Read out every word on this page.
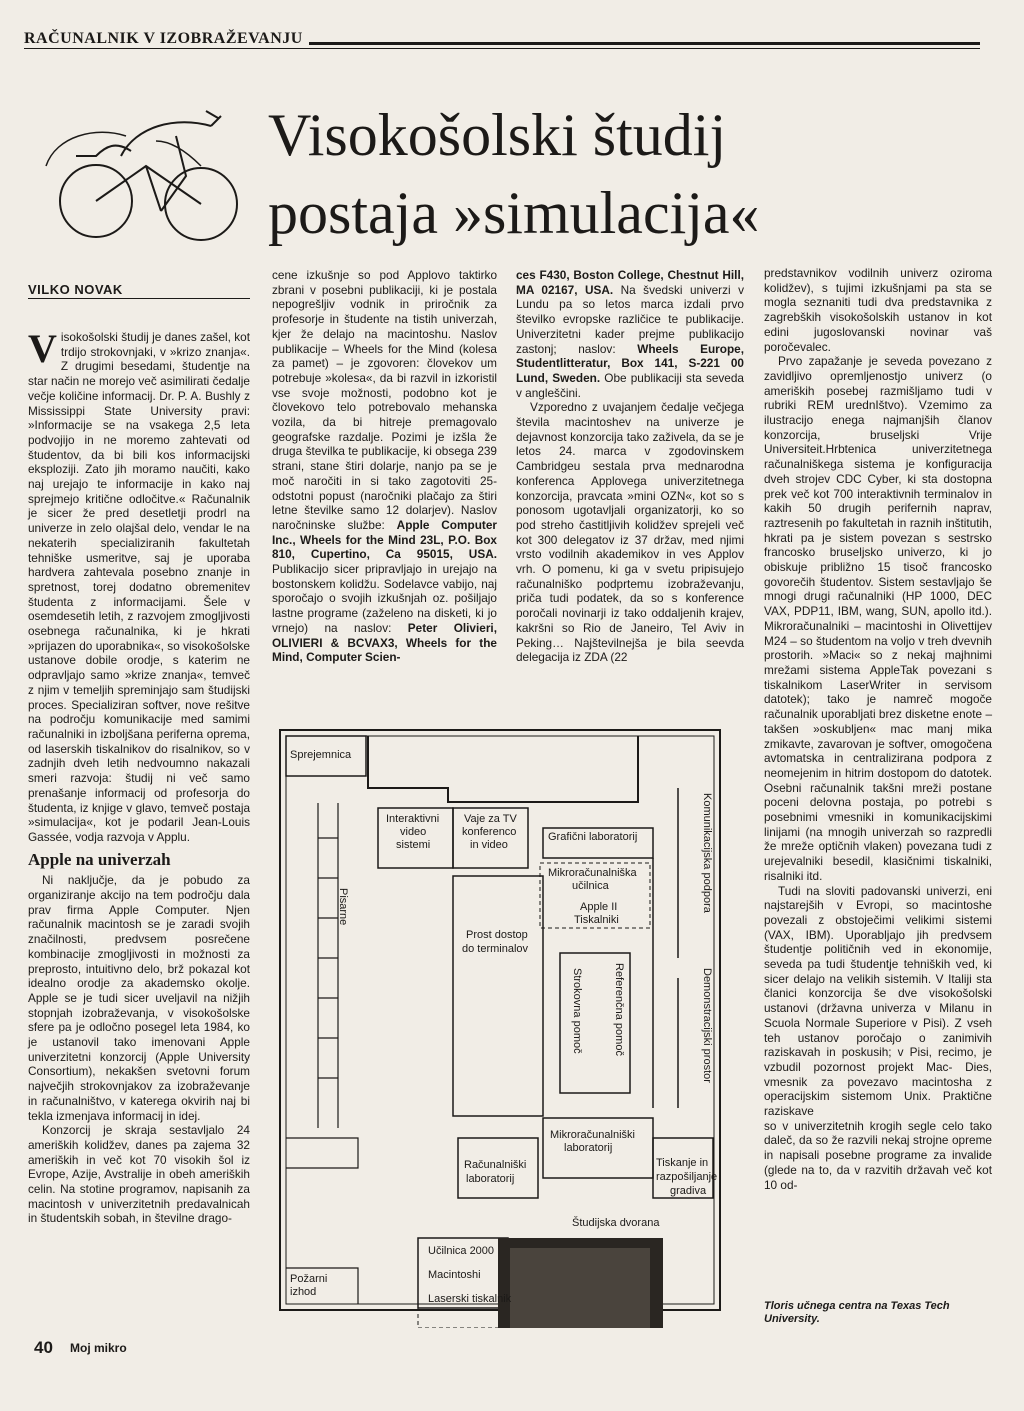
RAČUNALNIK V IZOBRAŽEVANJU
Visokošolski študij
postaja »simulacija«
VILKO NOVAK

Visokošolski študij je danes zašel, kot trdijo strokovnjaki, v »krizo znanja«. Z drugimi besedami, študentje na star način ne morejo več asimilirati čedalje večje količine informacij. Dr. P. A. Bushly z Mississippi State University pravi: »Informacije se na vsakega 2,5 leta podvojijo in ne moremo zahtevati od študentov, da bi bili kos informacijski eksploziji. Zato jih moramo naučiti, kako naj urejajo te informacije in kako naj sprejmejo kritične odločitve.« Računalnik je sicer že pred desetletji prodrl na univerze in zelo olajšal delo, vendar le na nekaterih specializiranih fakultetah tehniške usmeritve, saj je uporaba hardvera zahtevala posebno znanje in spretnost, torej dodatno obremenitev študenta z informacijami. Šele v osemdesetih letih, z razvojem zmogljivosti osebnega računalnika, ki je hkrati »prijazen do uporabnika«, so visokošolske ustanove dobile orodje, s katerim ne odpravljajo samo »krize znanja«, temveč z njim v temeljih spreminjajo sam študijski proces. Specializiran softver, nove rešitve na področju komunikacije med samimi računalniki in izboljšana periferna oprema, od laserskih tiskalnikov do risalnikov, so v zadnjih dveh letih nedvoumno nakazali smeri razvoja: študij ni več samo prenašanje informacij od profesorja do študenta, iz knjige v glavo, temveč postaja »simulacija«, kot je podaril Jean-Louis Gassée, vodja razvoja v Applu.

Apple na univerzah

Ni naključje, da je pobudo za organiziranje akcijo na tem področju dala prav firma Apple Computer. Njen računalnik macintosh se je zaradi svojih značilnosti, predvsem posrečene kombinacije zmogljivosti in možnosti za preprosto, intuitivno delo, brž pokazal kot idealno orodje za akademsko okolje. Apple se je tudi sicer uveljavil na nižjih stopnjah izobraževanja, v visokošolske sfere pa je odločno posegel leta 1984, ko je ustanovil tako imenovani Apple univerzitetni konzorcij (Apple University Consortium), nekakšen svetovni forum največjih strokovnjakov za izobraževanje in računalništvo, v katerega okvirih naj bi tekla izmenjava informacij in idej.

Konzorcij je skraja sestavljalo 24 ameriških kolidžev, danes pa zajema 32 ameriških in več kot 70 visokih šol iz Evrope, Azije, Avstralije in obeh ameriških celin. Na stotine programov, napisanih za macintosh v univerzitetnih predavalnicah in študentskih sobah, in številne drago-

cene izkušnje so pod Applovo taktirko zbrani v posebni publikaciji, ki je postala nepogrešljiv vodnik in priročnik za profesorje in študente na tistih univerzah, kjer že delajo na macintoshu. Naslov publikacije – Wheels for the Mind (kolesa za pamet) – je zgovoren: človekov um potrebuje »kolesa«, da bi razvil in izkoristil vse svoje možnosti, podobno kot je človekovo telo potrebovalo mehanska vozila, da bi hitreje premagovalo geografske razdalje. Pozimi je izšla že druga številka te publikacije, ki obsega 239 strani, stane štiri dolarje, nanjo pa se je moč naročiti in si tako zagotoviti 25-odstotni popust (naročniki plačajo za štiri letne številke samo 12 dolarjev). Naslov naročninske službe: Apple Computer Inc., Wheels for the Mind 23L, P.O. Box 810, Cupertino, Ca 95015, USA. Publikacijo sicer pripravljajo in urejajo na bostonskem kolidžu. Sodelavce vabijo, naj sporočajo o svojih izkušnjah oz. pošiljajo lastne programe (zaželeno na disketi, ki jo vrnejo) na naslov: Peter Olivieri, OLIVIERI & BCVAX3, Wheels for the Mind, Computer Scien-

ces F430, Boston College, Chestnut Hill, MA 02167, USA. Na švedski univerzi v Lundu pa so letos marca izdali prvo številko evropske različice te publikacije. Univerzitetni kader prejme publikacijo zastonj; naslov: Wheels Europe, Studentlitteratur, Box 141, S-221 00 Lund, Sweden. Obe publikaciji sta seveda v angleščini.

Vzporedno z uvajanjem čedalje večjega števila macintoshev na univerze je dejavnost konzorcija tako zaživela, da se je letos 24. marca v zgodovinskem Cambridgeu sestala prva mednarodna konferenca Applovega univerzitetnega konzorcija, pravcata »mini OZN«, kot so s ponosom ugotavljali organizatorji, ko so pod streho častitljivih kolidžev sprejeli več kot 300 delegatov iz 37 držav, med njimi vrsto vodilnih akademikov in ves Applov vrh. O pomenu, ki ga v svetu pripisujejo računalniško podprtemu izobraževanju, priča tudi podatek, da so s konference poročali novinarji iz tako oddaljenih krajev, kakršni so Rio de Janeiro, Tel Aviv in Peking… Najštevilnejša je bila seevda delegacija iz ZDA (22

predstavnikov vodilnih univerz oziroma kolidžev), s tujimi izkušnjami pa sta se mogla seznaniti tudi dva predstavnika z zagrebških visokošolskih ustanov in kot edini jugoslovanski novinar vaš poročevalec.

Prvo zapažanje je seveda povezano z zavidljivo opremljenostjo univerz (o ameriških posebej razmišljamo tudi v rubriki REM urednIštvo). Vzemimo za ilustracijo enega najmanjših članov konzorcija, bruseljski Vrije Universiteit.Hrbtenica univerzitetnega računalniškega sistema je konfiguracija dveh strojev CDC Cyber, ki sta dostopna prek več kot 700 interaktivnih terminalov in kakih 50 drugih perifernih naprav, raztresenih po fakultetah in raznih inštitutih, hkrati pa je sistem povezan s sestrsko francosko bruseljsko univerzo, ki jo obiskuje približno 15 tisoč francosko govorečih študentov. Sistem sestavljajo še mnogi drugi računalniki (HP 1000, DEC VAX, PDP11, IBM, wang, SUN, apollo itd.). Mikroračunalniki – macintoshi in Olivettijev M24 – so študentom na voljo v treh dvevnih prostorih. »Maci« so z nekaj majhnimi mrežami sistema AppleTak povezani s tiskalnikom LaserWriter in servisom datotek); tako je namreč mogoče računalnik uporabljati brez disketne enote – takšen »oskubljen« mac manj mika zmikavte, zavarovan je softver, omogočena avtomatska in centralizirana podpora z neomejenim in hitrim dostopom do datotek. Osebni računalnik takšni mreži postane poceni delovna postaja, po potrebi s posebnimi vmesniki in komunikacijskimi linijami (na mnogih univerzah so razpredli že mreže optičnih vlaken) povezana tudi z urejevalniki besedil, klasičnimi tiskalniki, risalniki itd.

Tudi na sloviti padovanski univerzi, eni najstarejših v Evropi, so macintoshe povezali z obstoječimi velikimi sistemi (VAX, IBM). Uporabljajo jih predvsem študentje političnih ved in ekonomije, seveda pa tudi študentje tehniških ved, ki sicer delajo na velikih sistemih. V Italiji sta članici konzorcija še dve visokošolski ustanovi (državna univerza v Milanu in Scuola Normale Superiore v Pisi). Z vseh teh ustanov poročajo o zanimivih raziskavah in poskusih; v Pisi, recimo, je vzbudil pozornost projekt Mac- Dies, vmesnik za povezavo macintosha z operacijskim sistemom Unix. Praktične raziskave

so v univerzitetnih krogih segle celo tako daleč, da so že razvili nekaj strojne opreme in napisali posebne programe za invalide (glede na to, da v razvitih državah več kot 10 od-

Sprejemnica
Interaktivni
video
sistemi
Vaje za TV
konferenco
in video
Grafični laboratorij
Mikroračunalniška
učilnica
Apple II
Tiskalniki
Prost dostop
do terminalov
Pisarne
Referenčna pomoč
Strokovna pomoč
Komunikacijska podpora
Demonstracijski prostor
Mikroračunalniški
laboratorij
Računalniški
laboratorij
Tiskanje in
razpošiljanje
gradiva
Študijska dvorana
Požarni
izhod
Učilnica 2000
Macintoshi
Laserski tiskalnik
Tloris učnega centra na Texas Tech University.
40 Moj mikro
